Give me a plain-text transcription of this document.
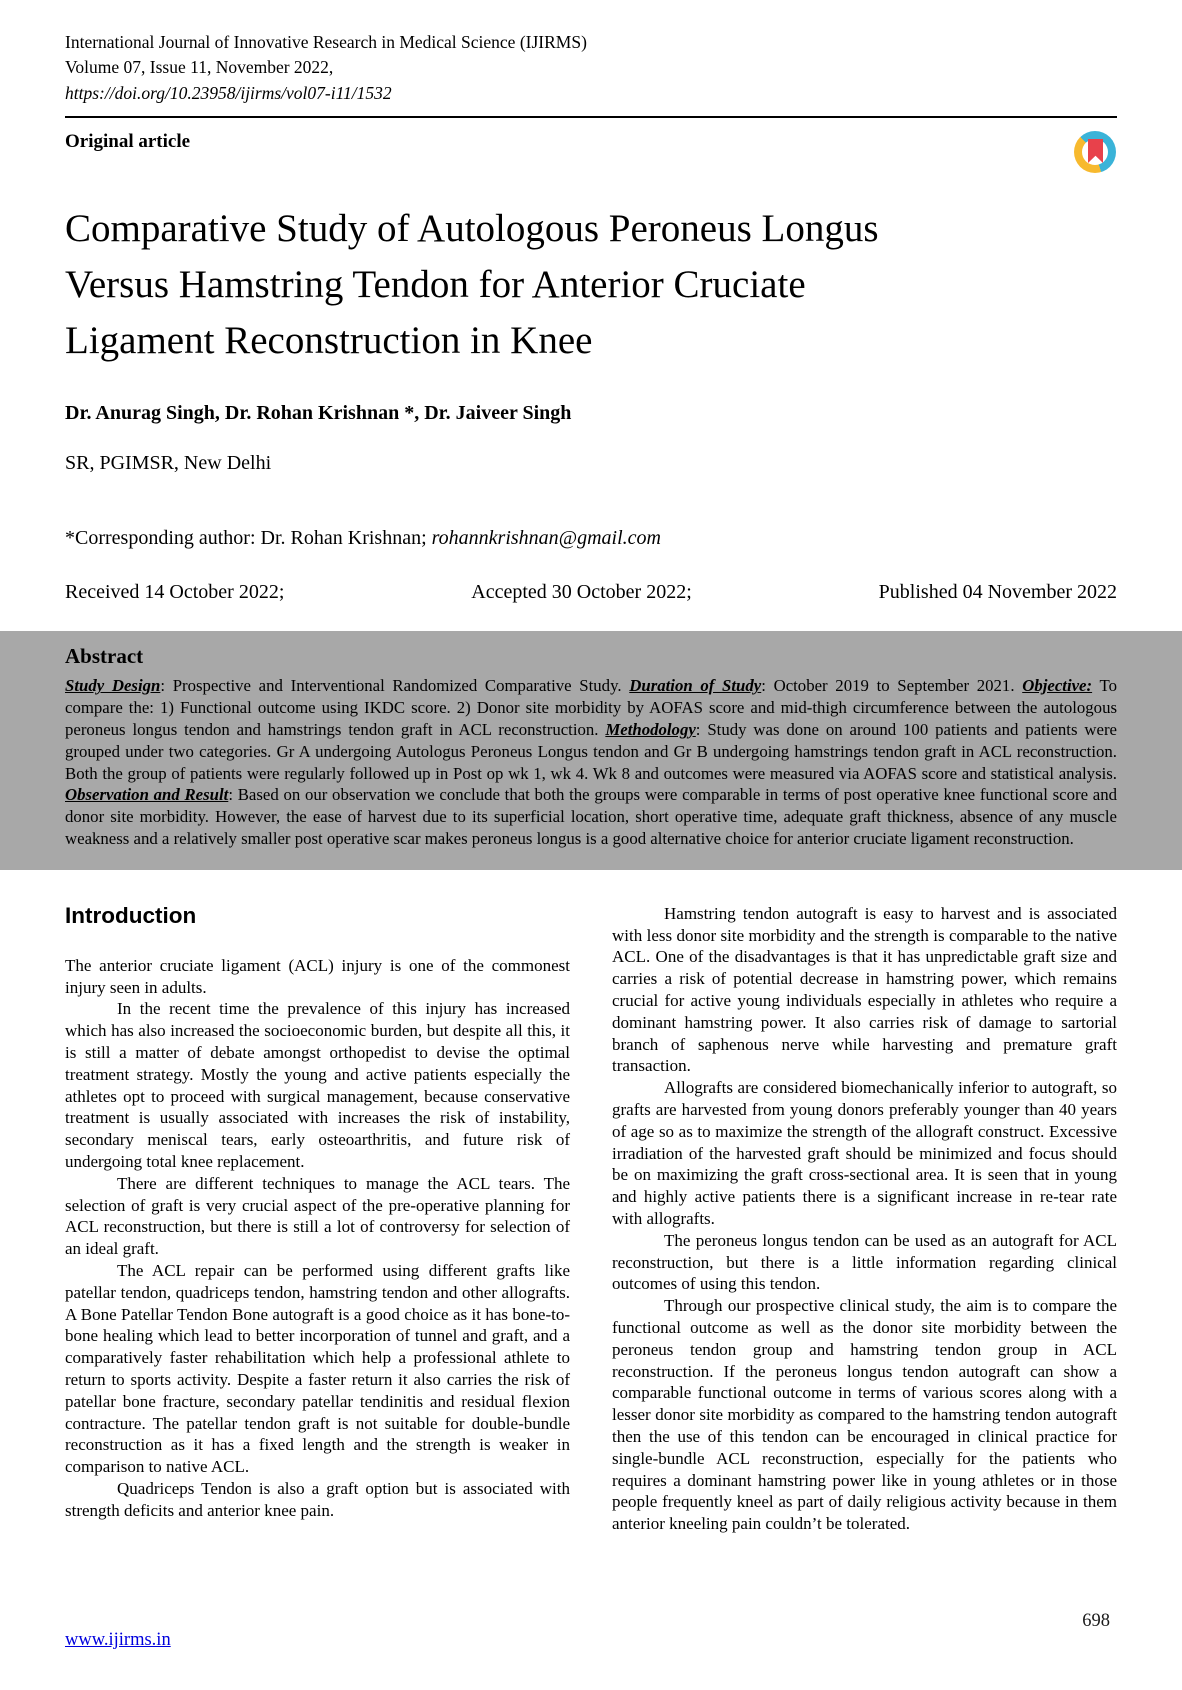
International Journal of Innovative Research in Medical Science (IJIRMS)
Volume 07, Issue 11, November 2022,
https://doi.org/10.23958/ijirms/vol07-i11/1532
Original article
Comparative Study of Autologous Peroneus Longus
Versus Hamstring Tendon for Anterior Cruciate
Ligament Reconstruction in Knee
Dr. Anurag Singh, Dr. Rohan Krishnan *, Dr. Jaiveer Singh
SR, PGIMSR, New Delhi
*Corresponding author: Dr. Rohan Krishnan; rohannkrishnan@gmail.com
Received 14 October 2022;	Accepted 30 October 2022;	Published 04 November 2022
Abstract

Study Design: Prospective and Interventional Randomized Comparative Study. Duration of Study: October 2019 to September 2021. Objective: To compare the: 1) Functional outcome using IKDC score. 2) Donor site morbidity by AOFAS score and mid-thigh circumference between the autologous peroneus longus tendon and hamstrings tendon graft in ACL reconstruction. Methodology: Study was done on around 100 patients and patients were grouped under two categories. Gr A undergoing Autologus Peroneus Longus tendon and Gr B undergoing hamstrings tendon graft in ACL reconstruction. Both the group of patients were regularly followed up in Post op wk 1, wk 4. Wk 8 and outcomes were measured via AOFAS score and statistical analysis. Observation and Result: Based on our observation we conclude that both the groups were comparable in terms of post operative knee functional score and donor site morbidity. However, the ease of harvest due to its superficial location, short operative time, adequate graft thickness, absence of any muscle weakness and a relatively smaller post operative scar makes peroneus longus is a good alternative choice for anterior cruciate ligament reconstruction.

Introduction

The anterior cruciate ligament (ACL) injury is one of the commonest injury seen in adults.

In the recent time the prevalence of this injury has increased which has also increased the socioeconomic burden, but despite all this, it is still a matter of debate amongst orthopedist to devise the optimal treatment strategy. Mostly the young and active patients especially the athletes opt to proceed with surgical management, because conservative treatment is usually associated with increases the risk of instability, secondary meniscal tears, early osteoarthritis, and future risk of undergoing total knee replacement.

There are different techniques to manage the ACL tears. The selection of graft is very crucial aspect of the pre-operative planning for ACL reconstruction, but there is still a lot of controversy for selection of an ideal graft.

The ACL repair can be performed using different grafts like patellar tendon, quadriceps tendon, hamstring tendon and other allografts. A Bone Patellar Tendon Bone autograft is a good choice as it has bone-to-bone healing which lead to better incorporation of tunnel and graft, and a comparatively faster rehabilitation which help a professional athlete to return to sports activity. Despite a faster return it also carries the risk of patellar bone fracture, secondary patellar tendinitis and residual flexion contracture. The patellar tendon graft is not suitable for double-bundle reconstruction as it has a fixed length and the strength is weaker in comparison to native ACL.

Quadriceps Tendon is also a graft option but is associated with strength deficits and anterior knee pain.

Hamstring tendon autograft is easy to harvest and is associated with less donor site morbidity and the strength is comparable to the native ACL. One of the disadvantages is that it has unpredictable graft size and carries a risk of potential decrease in hamstring power, which remains crucial for active young individuals especially in athletes who require a dominant hamstring power. It also carries risk of damage to sartorial branch of saphenous nerve while harvesting and premature graft transaction.

Allografts are considered biomechanically inferior to autograft, so grafts are harvested from young donors preferably younger than 40 years of age so as to maximize the strength of the allograft construct. Excessive irradiation of the harvested graft should be minimized and focus should be on maximizing the graft cross-sectional area. It is seen that in young and highly active patients there is a significant increase in re-tear rate with allografts.

The peroneus longus tendon can be used as an autograft for ACL reconstruction, but there is a little information regarding clinical outcomes of using this tendon.

Through our prospective clinical study, the aim is to compare the functional outcome as well as the donor site morbidity between the peroneus tendon group and hamstring tendon group in ACL reconstruction. If the peroneus longus tendon autograft can show a comparable functional outcome in terms of various scores along with a lesser donor site morbidity as compared to the hamstring tendon autograft then the use of this tendon can be encouraged in clinical practice for single-bundle ACL reconstruction, especially for the patients who requires a dominant hamstring power like in young athletes or in those people frequently kneel as part of daily religious activity because in them anterior kneeling pain couldn’t be tolerated.

www.ijirms.in
698
